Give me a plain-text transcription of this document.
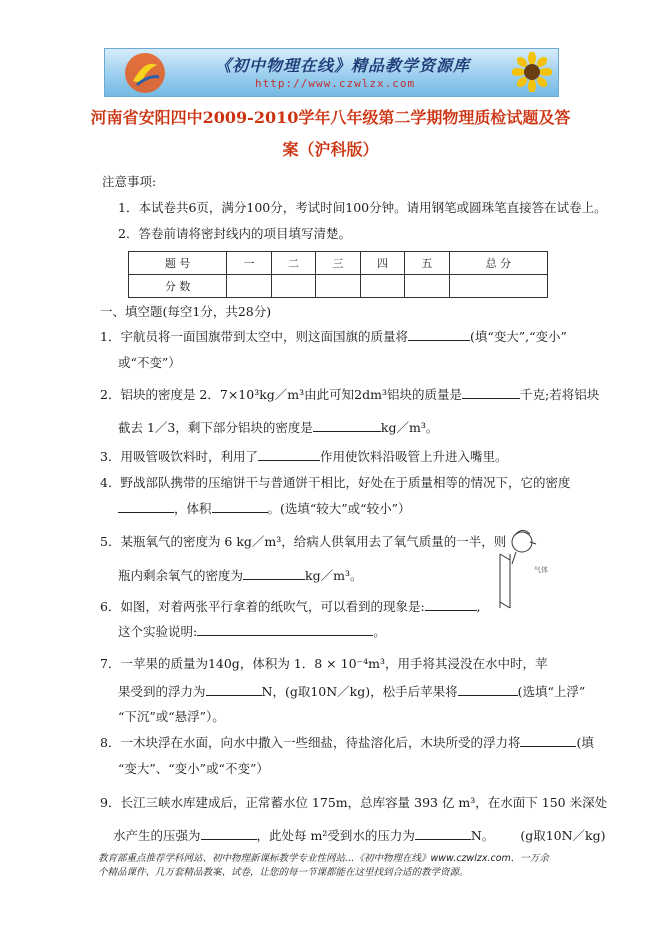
《初中物理在线》精品教学资源库
http://www.czwlzx.com
河南省安阳四中2009-2010学年八年级第二学期物理质检试题及答
案（沪科版）
注意事项:
1．本试卷共6页，满分100分，考试时间100分钟。请用钢笔或圆珠笔直接答在试卷上。
2．答卷前请将密封线内的项目填写清楚。
题 号	一	二	三	四	五	总 分
分 数						
一、填空题(每空1分，共28分)
1．宇航员将一面国旗带到太空中，则这面国旗的质量将	(填“变大”,“变小”
或“不变”）
2．铝块的密度是 2．7×10³kg／m³由此可知2dm³铝块的质量是	千克;若将铝块
截去 1／3，剩下部分铝块的密度是	kg／m³。
3．用吸管吸饮料时，利用了	作用使饮料沿吸管上升进入嘴里。
4．野战部队携带的压缩饼干与普通饼干相比，好处在于质量相等的情况下，它的密度
，体积	。(选填“较大”或“较小”）
5．某瓶氧气的密度为 6 kg／m³，给病人供氧用去了氧气质量的一半，则
瓶内剩余氧气的密度为	kg／m³。	气体
6．如图，对着两张平行拿着的纸吹气，可以看到的现象是:	,
这个实验说明:	。
7．一苹果的质量为140g，体积为 1．8 × 10⁻⁴m³，用手将其浸没在水中时，苹
果受到的浮力为	N，(g取10N／kg)，松手后苹果将	(选填“上浮”
“下沉”或“悬浮”）。
8．一木块浮在水面，向水中撒入一些细盐，待盐溶化后，木块所受的浮力将	(填
“变大”、“变小”或“不变”）
9．长江三峡水库建成后，正常蓄水位 175m，总库容量 393 亿 m³，在水面下 150 米深处
水产生的压强为	，此处每 m²受到水的压力为	N。 (g取10N／kg)
教育部重点推荐学科网站、初中物理新课标教学专业性网站…《初中物理在线》www.czwlzx.com．一万余
个精品课件、几万套精品教案、试卷，让您的每一节课都能在这里找到合适的教学资源。
